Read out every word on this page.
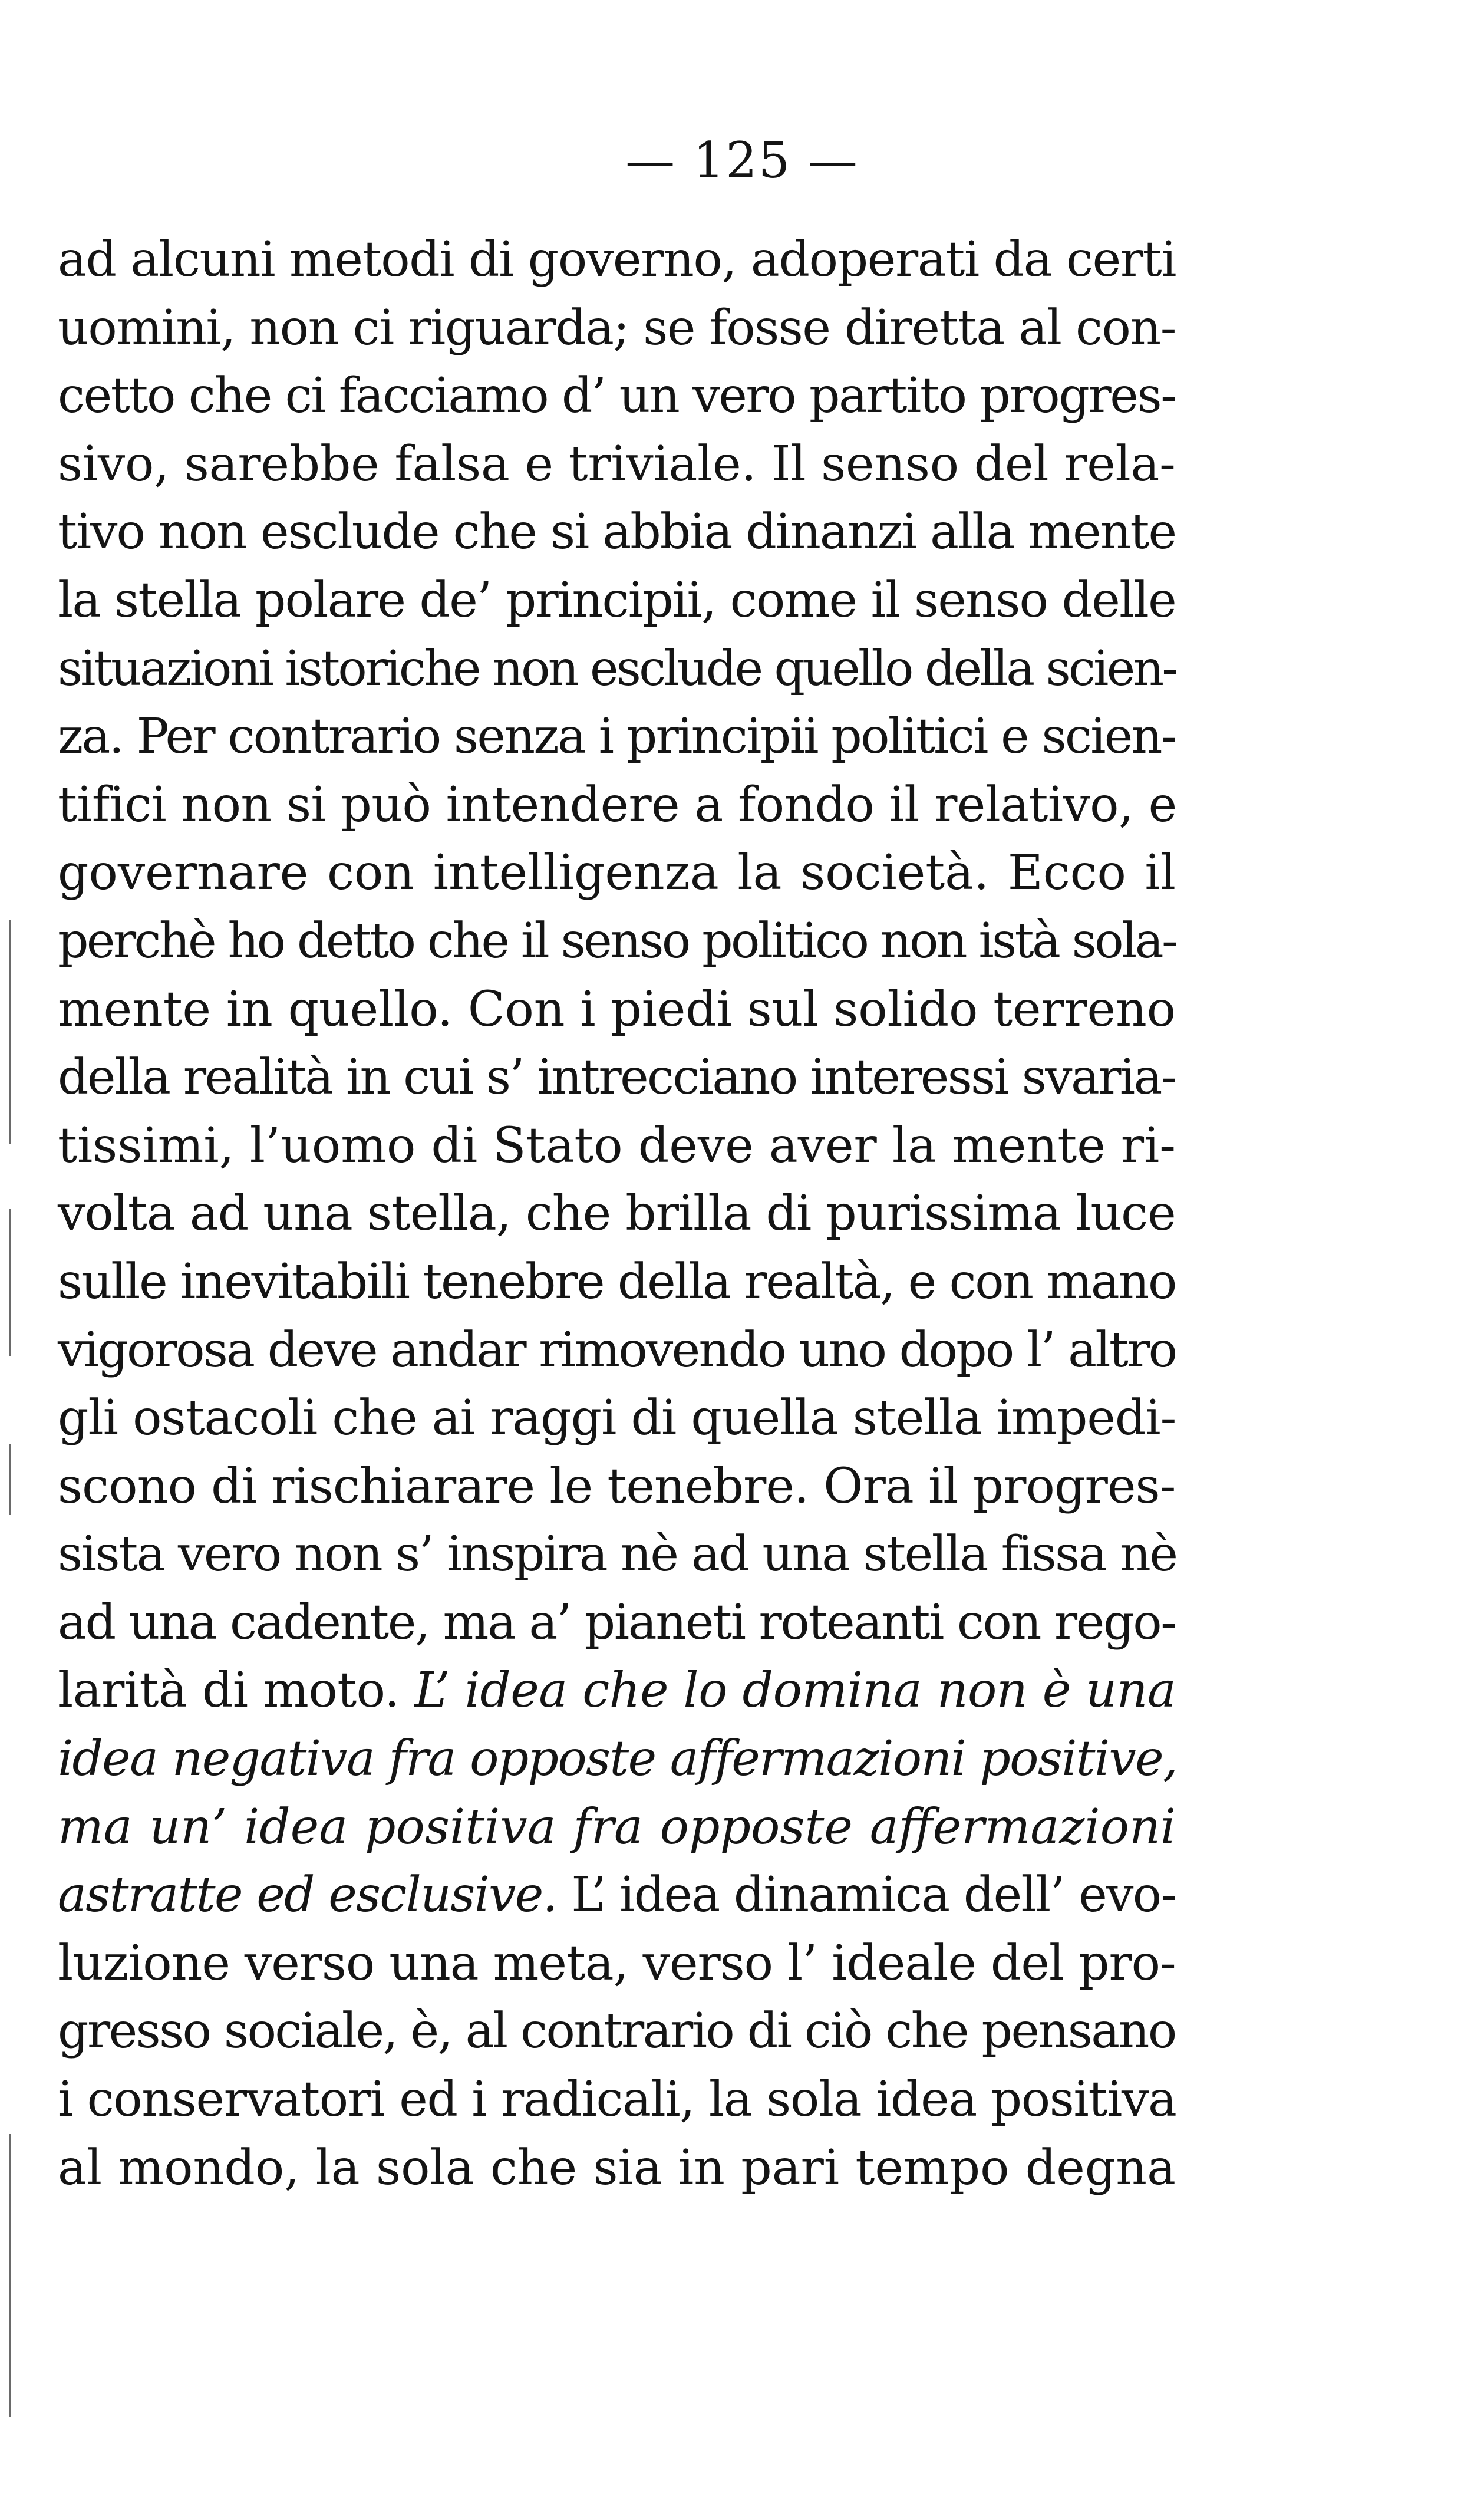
— 125 —
ad alcuni metodi di governo, adoperati da certi
uomini, non ci riguarda; se fosse diretta al con-
cetto che ci facciamo d’ un vero partito progres-
sivo, sarebbe falsa e triviale. Il senso del rela-
tivo non esclude che si abbia dinanzi alla mente
la stella polare de’ principii, come il senso delle
situazioni istoriche non esclude quello della scien-
za. Per contrario senza i principii politici e scien-
tifici non si può intendere a fondo il relativo, e
governare con intelligenza la società. Ecco il
perchè ho detto che il senso politico non istà sola-
mente in quello. Con i piedi sul solido terreno
della realità in cui s’ intrecciano interessi svaria-
tissimi, l’uomo di Stato deve aver la mente ri-
volta ad una stella, che brilla di purissima luce
sulle inevitabili tenebre della realtà, e con mano
vigorosa deve andar rimovendo uno dopo l’ altro
gli ostacoli che ai raggi di quella stella impedi-
scono di rischiarare le tenebre. Ora il progres-
sista vero non s’ inspira nè ad una stella fissa nè
ad una cadente, ma a’ pianeti roteanti con rego-
larità di moto. L’ idea che lo domina non è una
idea negativa fra opposte affermazioni positive,
ma un’ idea positiva fra opposte affermazioni
astratte ed esclusive. L’ idea dinamica dell’ evo-
luzione verso una meta, verso l’ ideale del pro-
gresso sociale, è, al contrario di ciò che pensano
i conservatori ed i radicali, la sola idea positiva
al mondo, la sola che sia in pari tempo degna
